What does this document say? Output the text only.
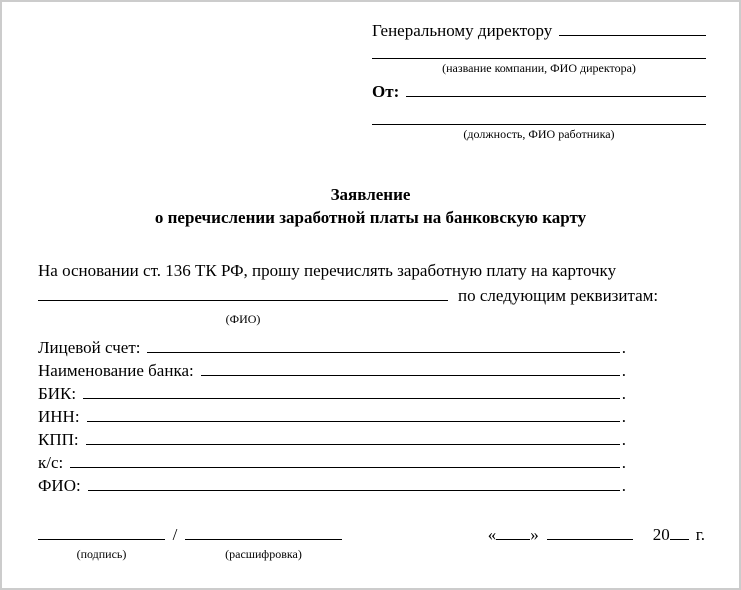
Генеральному директору
(название компании, ФИО директора)
От:
(должность, ФИО работника)
Заявление
о перечислении заработной платы на банковскую карту
На основании ст. 136 ТК РФ, прошу перечислять заработную плату на карточку
по следующим реквизитам:
(ФИО)
Лицевой счет:	.
Наименование банка:	.
БИК:	.
ИНН:	.
КПП:	.
к/с:	.
ФИО:	.
/
(подпись)	(расшифровка)
« »	20 г.
